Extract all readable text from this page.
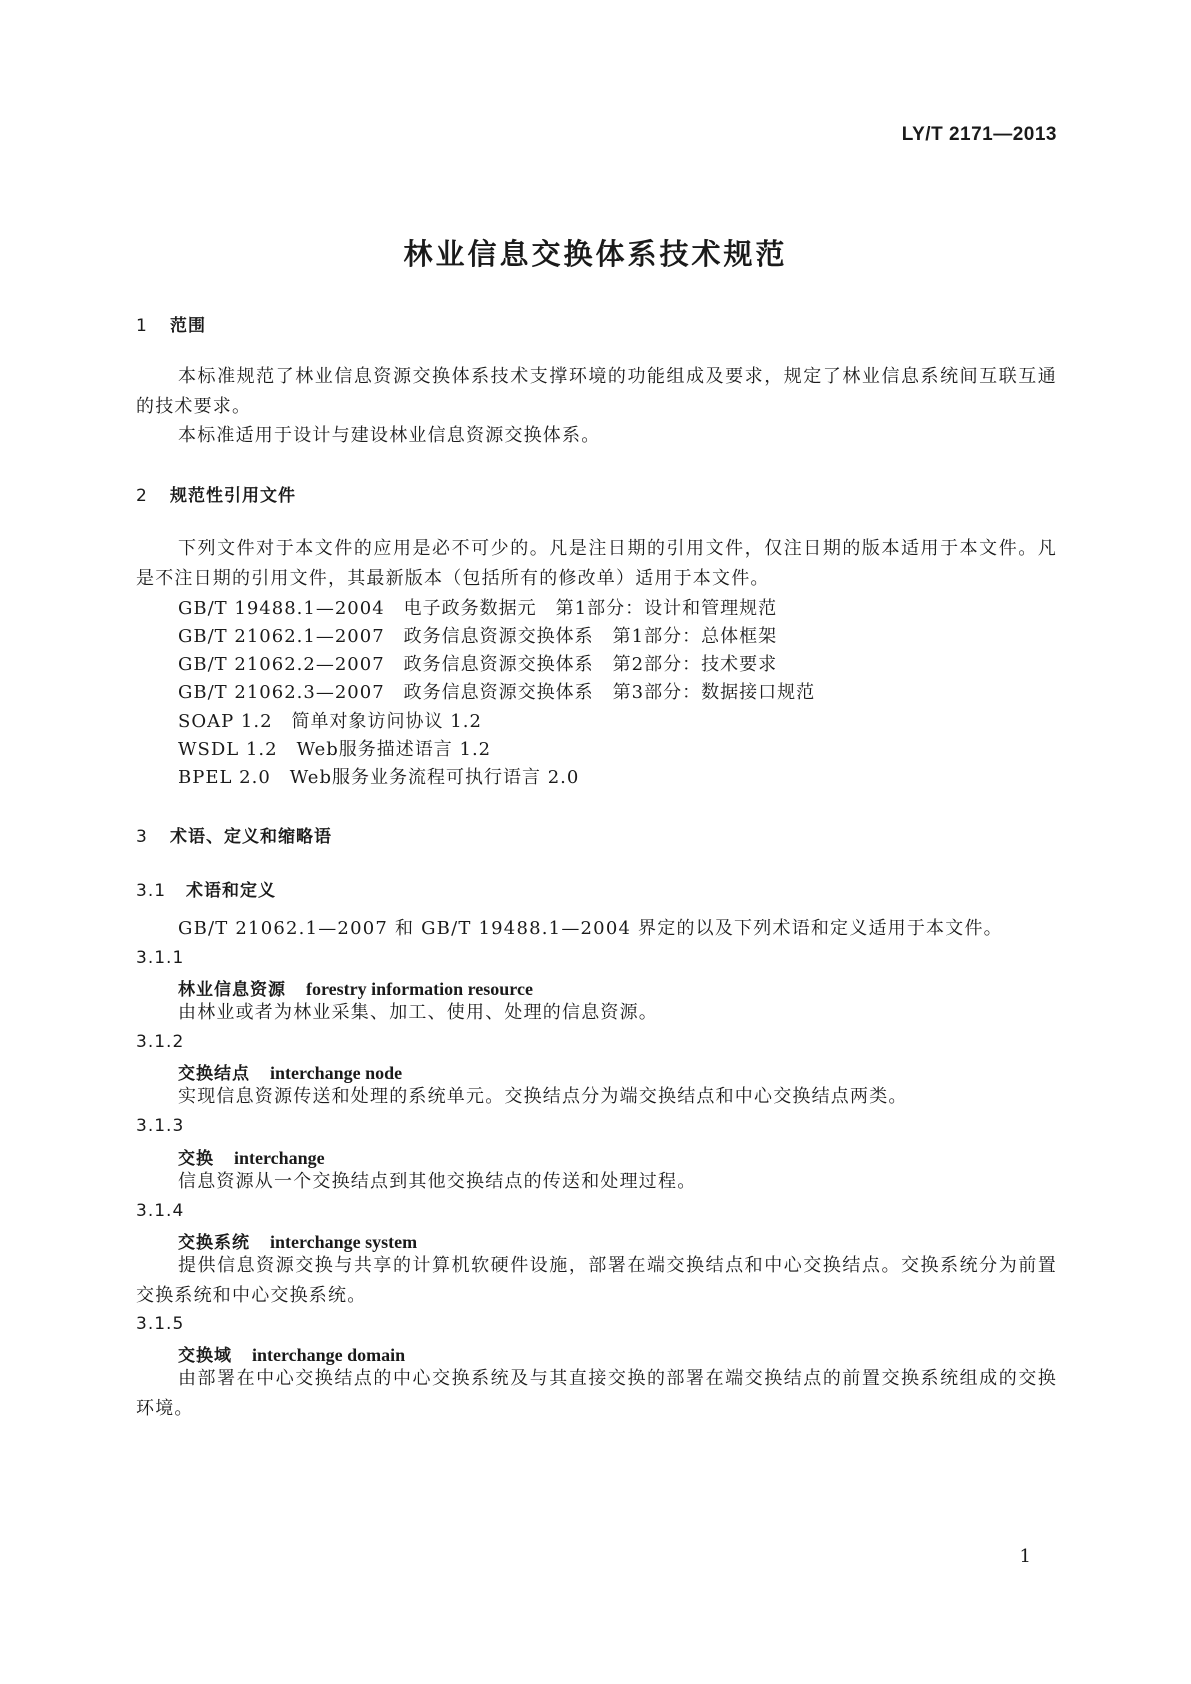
LY/T 2171—2013
林业信息交换体系技术规范
1 范围

本标准规范了林业信息资源交换体系技术支撑环境的功能组成及要求，规定了林业信息系统间互联互通的技术要求。

本标准适用于设计与建设林业信息资源交换体系。

2 规范性引用文件

下列文件对于本文件的应用是必不可少的。凡是注日期的引用文件，仅注日期的版本适用于本文件。凡是不注日期的引用文件，其最新版本（包括所有的修改单）适用于本文件。

GB/T 19488.1—2004　电子政务数据元　第1部分：设计和管理规范
GB/T 21062.1—2007　政务信息资源交换体系　第1部分：总体框架
GB/T 21062.2—2007　政务信息资源交换体系　第2部分：技术要求
GB/T 21062.3—2007　政务信息资源交换体系　第3部分：数据接口规范
SOAP 1.2　简单对象访问协议 1.2
WSDL 1.2　Web服务描述语言 1.2
BPEL 2.0　Web服务业务流程可执行语言 2.0
3 术语、定义和缩略语
3.1 术语和定义

GB/T 21062.1—2007 和 GB/T 19488.1—2004 界定的以及下列术语和定义适用于本文件。

3.1.1
林业信息资源 forestry information resource

由林业或者为林业采集、加工、使用、处理的信息资源。

3.1.2
交换结点 interchange node

实现信息资源传送和处理的系统单元。交换结点分为端交换结点和中心交换结点两类。

3.1.3
交换 interchange

信息资源从一个交换结点到其他交换结点的传送和处理过程。

3.1.4
交换系统 interchange system

提供信息资源交换与共享的计算机软硬件设施，部署在端交换结点和中心交换结点。交换系统分为前置交换系统和中心交换系统。

3.1.5
交换域 interchange domain

由部署在中心交换结点的中心交换系统及与其直接交换的部署在端交换结点的前置交换系统组成的交换环境。

1
